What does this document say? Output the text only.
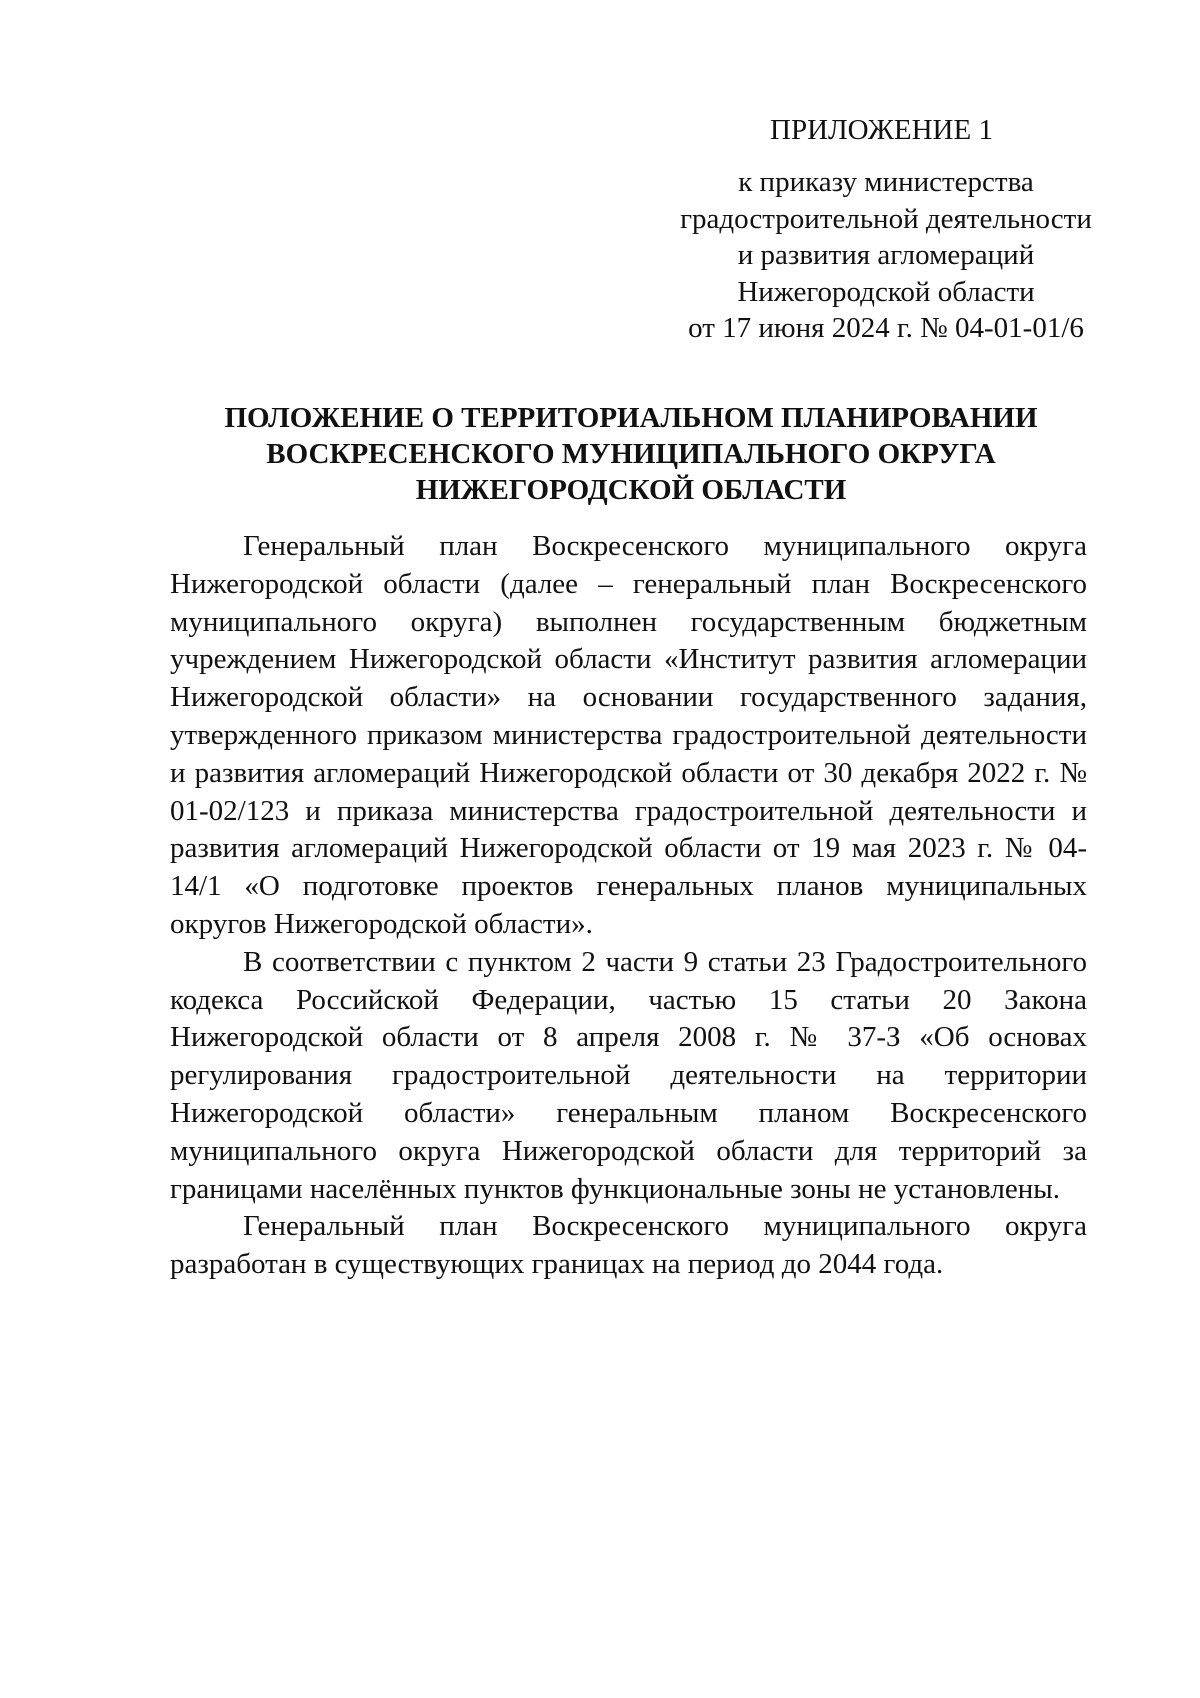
ПРИЛОЖЕНИЕ 1
к приказу министерства
градостроительной деятельности
и развития агломераций
Нижегородской области
от 17 июня 2024 г. № 04-01-01/6
ПОЛОЖЕНИЕ О ТЕРРИТОРИАЛЬНОМ ПЛАНИРОВАНИИ
ВОСКРЕСЕНСКОГО МУНИЦИПАЛЬНОГО ОКРУГА
НИЖЕГОРОДСКОЙ ОБЛАСТИ

Генеральный план Воскресенского муниципального округа Нижегородской области (далее – генеральный план Воскресенского муниципального округа) выполнен государственным бюджетным учреждением Нижегородской области «Институт развития агломерации Нижегородской области» на основании государственного задания, утвержденного приказом министерства градостроительной деятельности и развития агломераций Нижегородской области от 30 декабря 2022 г. № 01-02/123 и приказа министерства градостроительной деятельности и развития агломераций Нижегородской области от 19 мая 2023 г. № 04-14/1 «О подготовке проектов генеральных планов муниципальных округов Нижегородской области».

В соответствии с пунктом 2 части 9 статьи 23 Градостроительного кодекса Российской Федерации, частью 15 статьи 20 Закона Нижегородской области от 8 апреля 2008 г. № 37-З «Об основах регулирования градостроительной деятельности на территории Нижегородской области» генеральным планом Воскресенского муниципального округа Нижегородской области для территорий за границами населённых пунктов функциональные зоны не установлены.

Генеральный план Воскресенского муниципального округа разработан в существующих границах на период до 2044 года.
